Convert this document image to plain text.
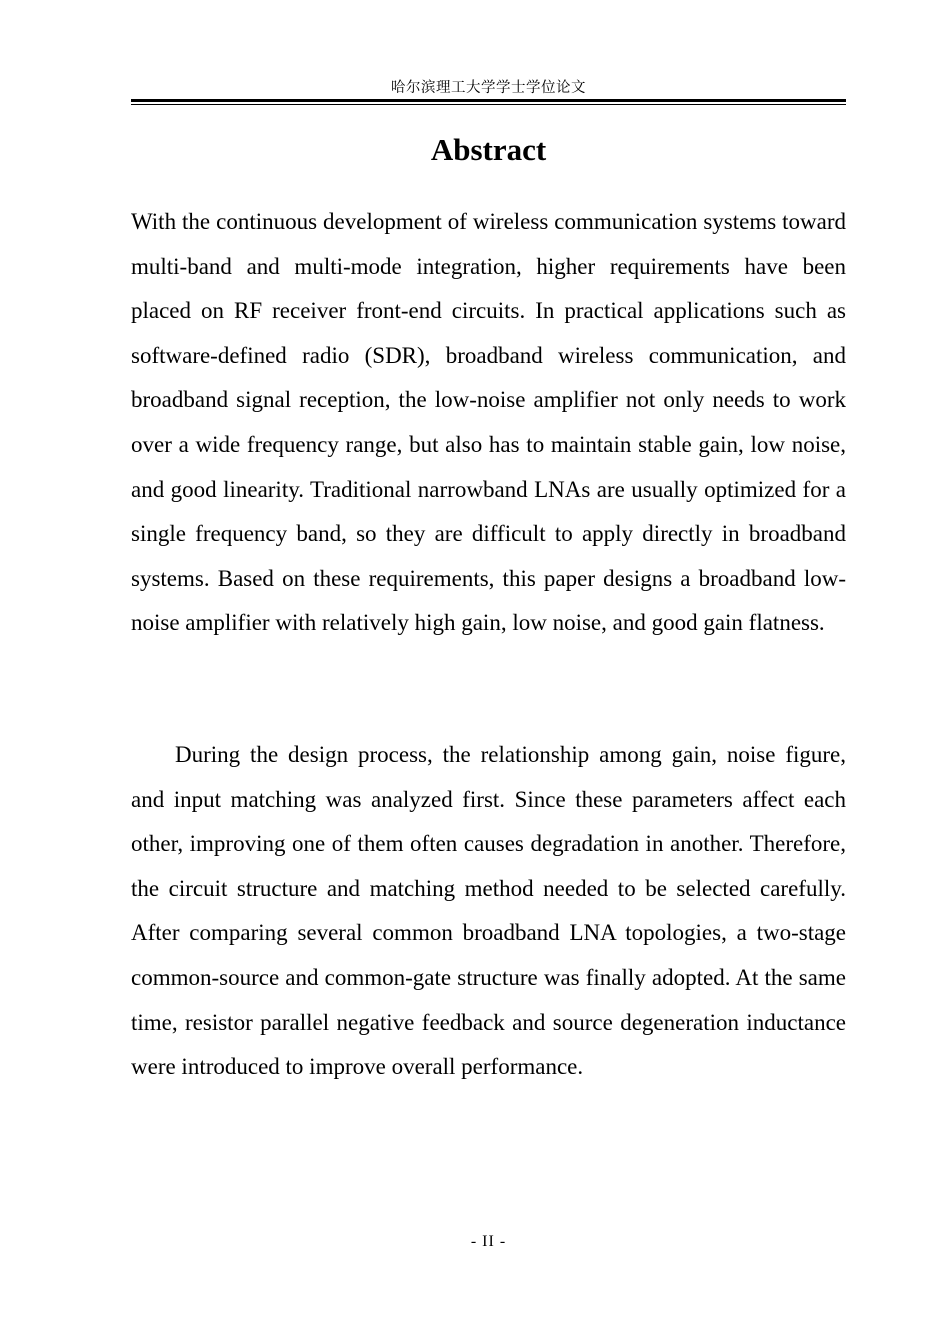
哈尔滨理工大学学士学位论文
Abstract

With the continuous development of wireless communication systems toward multi-band and multi-mode integration, higher requirements have been placed on RF receiver front-end circuits. In practical applications such as software-defined radio (SDR), broadband wireless communication, and broadband signal reception, the low-noise amplifier not only needs to work over a wide frequency range, but also has to maintain stable gain, low noise, and good linearity. Traditional narrowband LNAs are usually optimized for a single frequency band, so they are difficult to apply directly in broadband systems. Based on these requirements, this paper designs a broadband low-noise amplifier with relatively high gain, low noise, and good gain flatness.

During the design process, the relationship among gain, noise figure, and input matching was analyzed first. Since these parameters affect each other, improving one of them often causes degradation in another. Therefore, the circuit structure and matching method needed to be selected carefully. After comparing several common broadband LNA topologies, a two-stage common-source and common-gate structure was finally adopted. At the same time, resistor parallel negative feedback and source degeneration inductance were introduced to improve overall performance.

- II -
